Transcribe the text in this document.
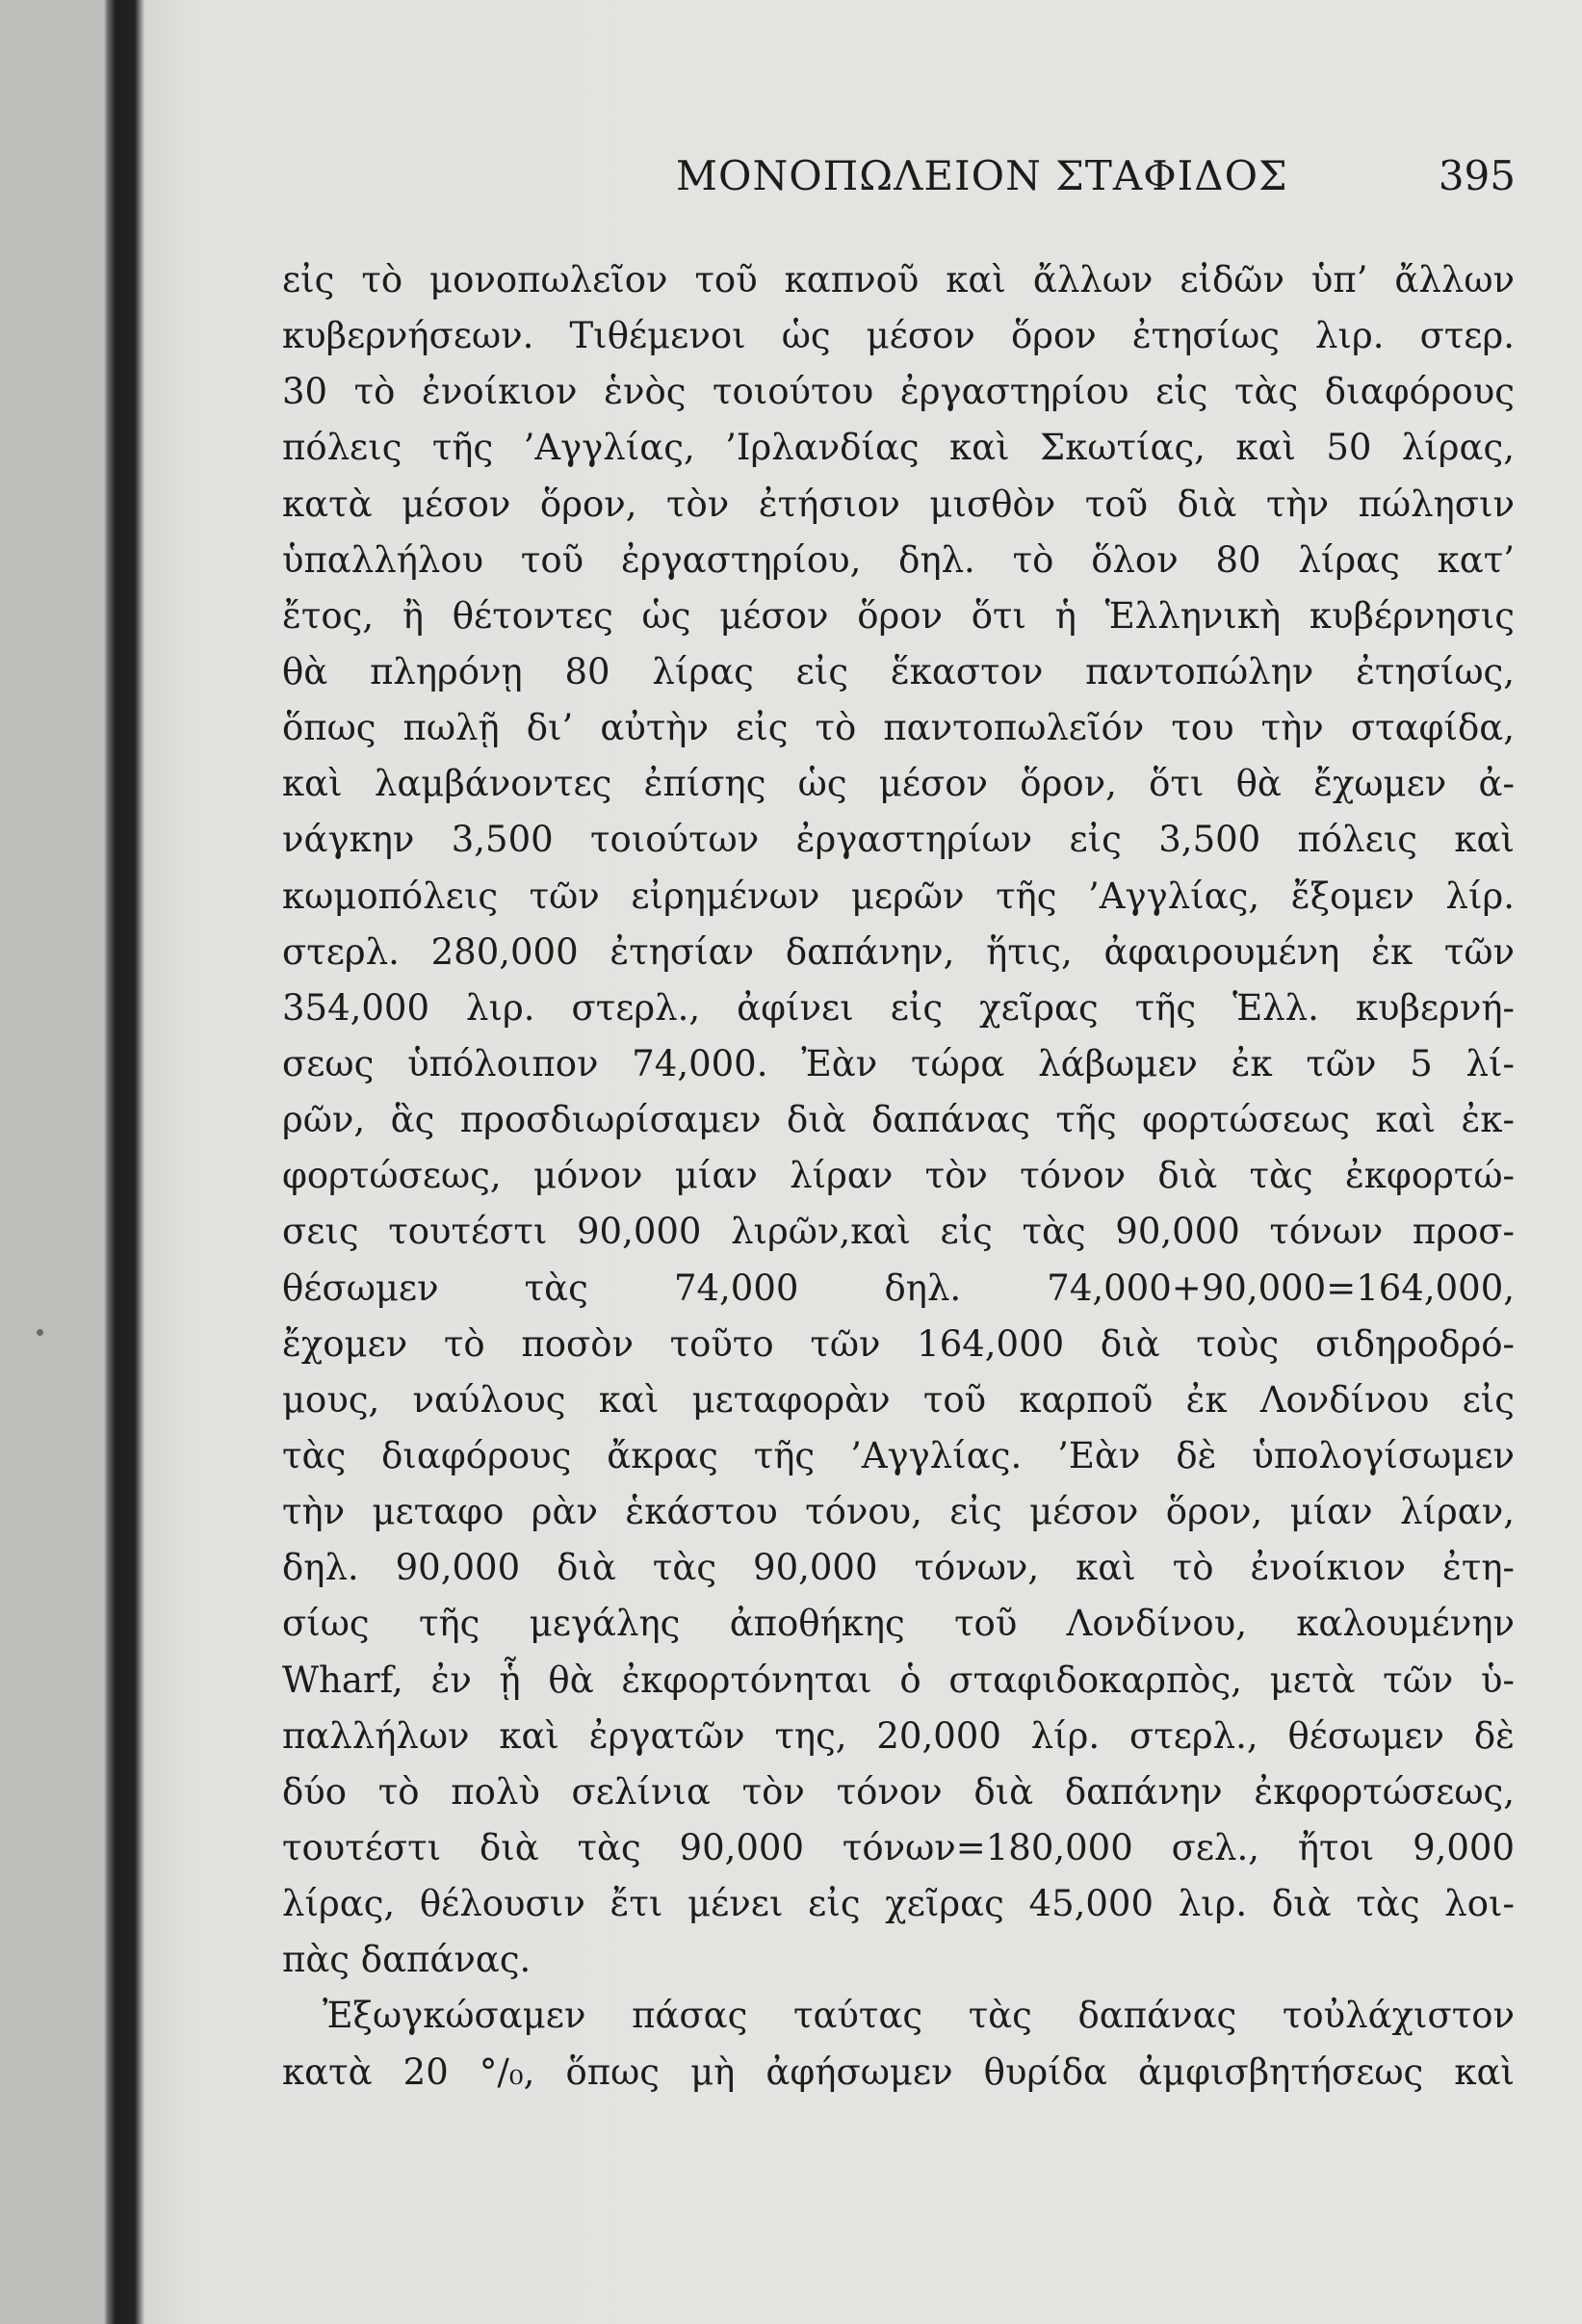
ΜΟΝΟΠΩΛΕΙΟΝ ΣΤΑΦΙΔΟΣ	395
εἰς τὸ μονοπωλεῖον τοῦ καπνοῦ καὶ ἄλλων εἰδῶν ὑπ’ ἄλλων
κυβερνήσεων. Τιθέμενοι ὡς μέσον ὅρον ἐτησίως λιρ. στερ.
30 τὸ ἐνοίκιον ἑνὸς τοιούτου ἐργαστηρίου εἰς τὰς διαφόρους
πόλεις τῆς ’Αγγλίας, ’Ιρλανδίας καὶ Σκωτίας, καὶ 50 λίρας,
κατὰ μέσον ὅρον, τὸν ἐτήσιον μισθὸν τοῦ διὰ τὴν πώλησιν
ὑπαλλήλου τοῦ ἐργαστηρίου, δηλ. τὸ ὅλον 80 λίρας κατ’
ἔτος, ἢ θέτοντες ὡς μέσον ὅρον ὅτι ἡ Ἑλληνικὴ κυβέρνησις
θὰ πληρόνῃ 80 λίρας εἰς ἕκαστον παντοπώλην ἐτησίως,
ὅπως πωλῇ δι’ αὐτὴν εἰς τὸ παντοπωλεῖόν του τὴν σταφίδα,
καὶ λαμβάνοντες ἐπίσης ὡς μέσον ὅρον, ὅτι θὰ ἔχωμεν ἀ-
νάγκην 3,500 τοιούτων ἐργαστηρίων εἰς 3,500 πόλεις καὶ
κωμοπόλεις τῶν εἰρημένων μερῶν τῆς ’Αγγλίας, ἔξομεν λίρ.
στερλ. 280,000 ἐτησίαν δαπάνην, ἥτις, ἀφαιρουμένη ἐκ τῶν
354,000 λιρ. στερλ., ἀφίνει εἰς χεῖρας τῆς Ἑλλ. κυβερνή-
σεως ὑπόλοιπον 74,000. Ἐὰν τώρα λάβωμεν ἐκ τῶν 5 λί-
ρῶν, ἃς προσδιωρίσαμεν διὰ δαπάνας τῆς φορτώσεως καὶ ἐκ-
φορτώσεως, μόνον μίαν λίραν τὸν τόνον διὰ τὰς ἐκφορτώ-
σεις τουτέστι 90,000 λιρῶν,καὶ εἰς τὰς 90,000 τόνων προσ-
θέσωμεν τὰς 74,000 δηλ. 74,000+90,000=164,000,
ἔχομεν τὸ ποσὸν τοῦτο τῶν 164,000 διὰ τοὺς σιδηροδρό-
μους, ναύλους καὶ μεταφορὰν τοῦ καρποῦ ἐκ Λονδίνου εἰς
τὰς διαφόρους ἄκρας τῆς ’Αγγλίας. ’Εὰν δὲ ὑπολογίσωμεν
τὴν μεταφο ρὰν ἑκάστου τόνου, εἰς μέσον ὅρον, μίαν λίραν,
δηλ. 90,000 διὰ τὰς 90,000 τόνων, καὶ τὸ ἐνοίκιον ἐτη-
σίως τῆς μεγάλης ἀποθήκης τοῦ Λονδίνου, καλουμένην
Wharf, ἐν ᾗ θὰ ἐκφορτόνηται ὁ σταφιδοκαρπὸς, μετὰ τῶν ὑ-
παλλήλων καὶ ἐργατῶν της, 20,000 λίρ. στερλ., θέσωμεν δὲ
δύο τὸ πολὺ σελίνια τὸν τόνον διὰ δαπάνην ἐκφορτώσεως,
τουτέστι διὰ τὰς 90,000 τόνων=180,000 σελ., ἤτοι 9,000
λίρας, θέλουσιν ἔτι μένει εἰς χεῖρας 45,000 λιρ. διὰ τὰς λοι-
πὰς δαπάνας.
Ἐξωγκώσαμεν πάσας ταύτας τὰς δαπάνας τοὐλάχιστον
κατὰ 20 °/₀, ὅπως μὴ ἀφήσωμεν θυρίδα ἀμφισβητήσεως καὶ
